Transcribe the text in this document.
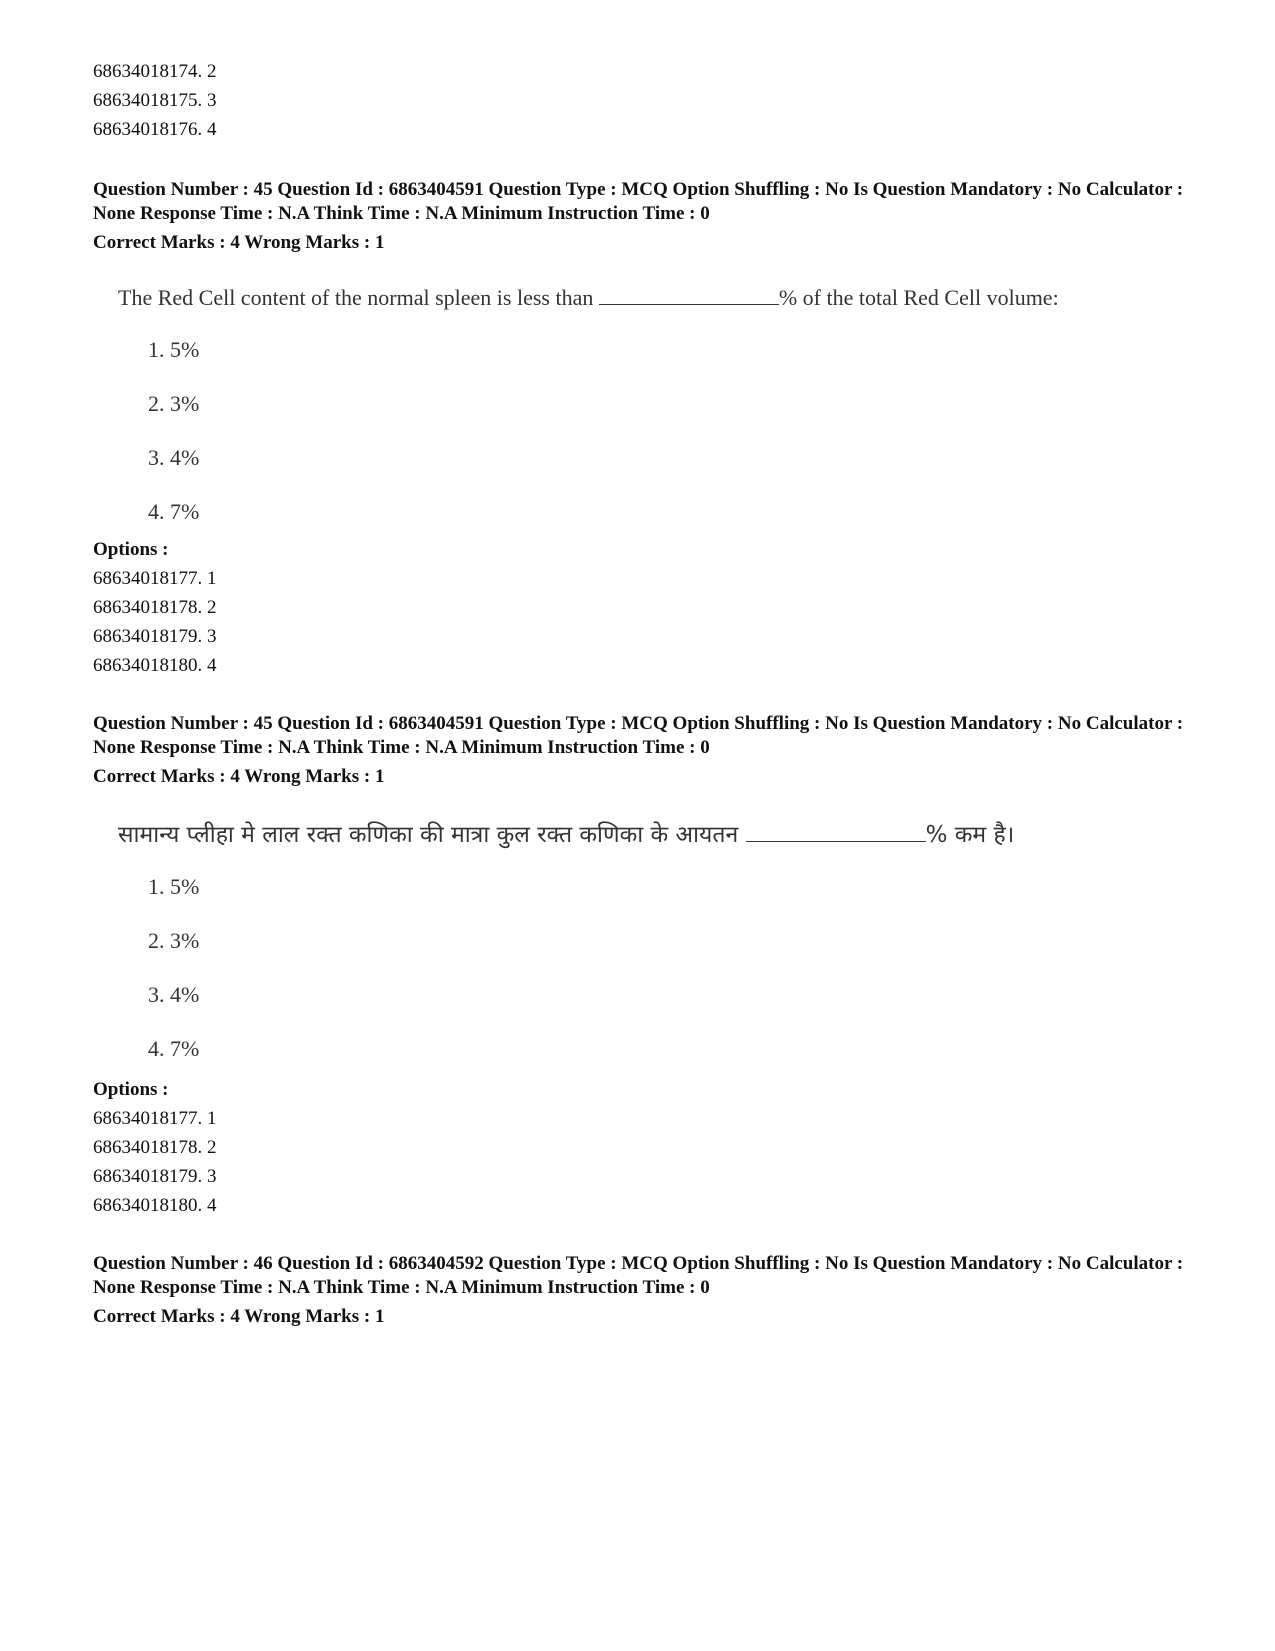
68634018174. 2
68634018175. 3
68634018176. 4
Question Number : 45 Question Id : 6863404591 Question Type : MCQ Option Shuffling : No Is Question Mandatory : No Calculator : None Response Time : N.A Think Time : N.A Minimum Instruction Time : 0
Correct Marks : 4 Wrong Marks : 1
The Red Cell content of the normal spleen is less than	% of the total Red Cell volume:
1. 5%
2. 3%
3. 4%
4. 7%
Options :
68634018177. 1
68634018178. 2
68634018179. 3
68634018180. 4
Question Number : 45 Question Id : 6863404591 Question Type : MCQ Option Shuffling : No Is Question Mandatory : No Calculator : None Response Time : N.A Think Time : N.A Minimum Instruction Time : 0
Correct Marks : 4 Wrong Marks : 1
सामान्य प्लीहा मे लाल रक्त कणिका की मात्रा कुल रक्त कणिका के आयतन	% कम है।
1. 5%
2. 3%
3. 4%
4. 7%
Options :
68634018177. 1
68634018178. 2
68634018179. 3
68634018180. 4
Question Number : 46 Question Id : 6863404592 Question Type : MCQ Option Shuffling : No Is Question Mandatory : No Calculator : None Response Time : N.A Think Time : N.A Minimum Instruction Time : 0
Correct Marks : 4 Wrong Marks : 1
